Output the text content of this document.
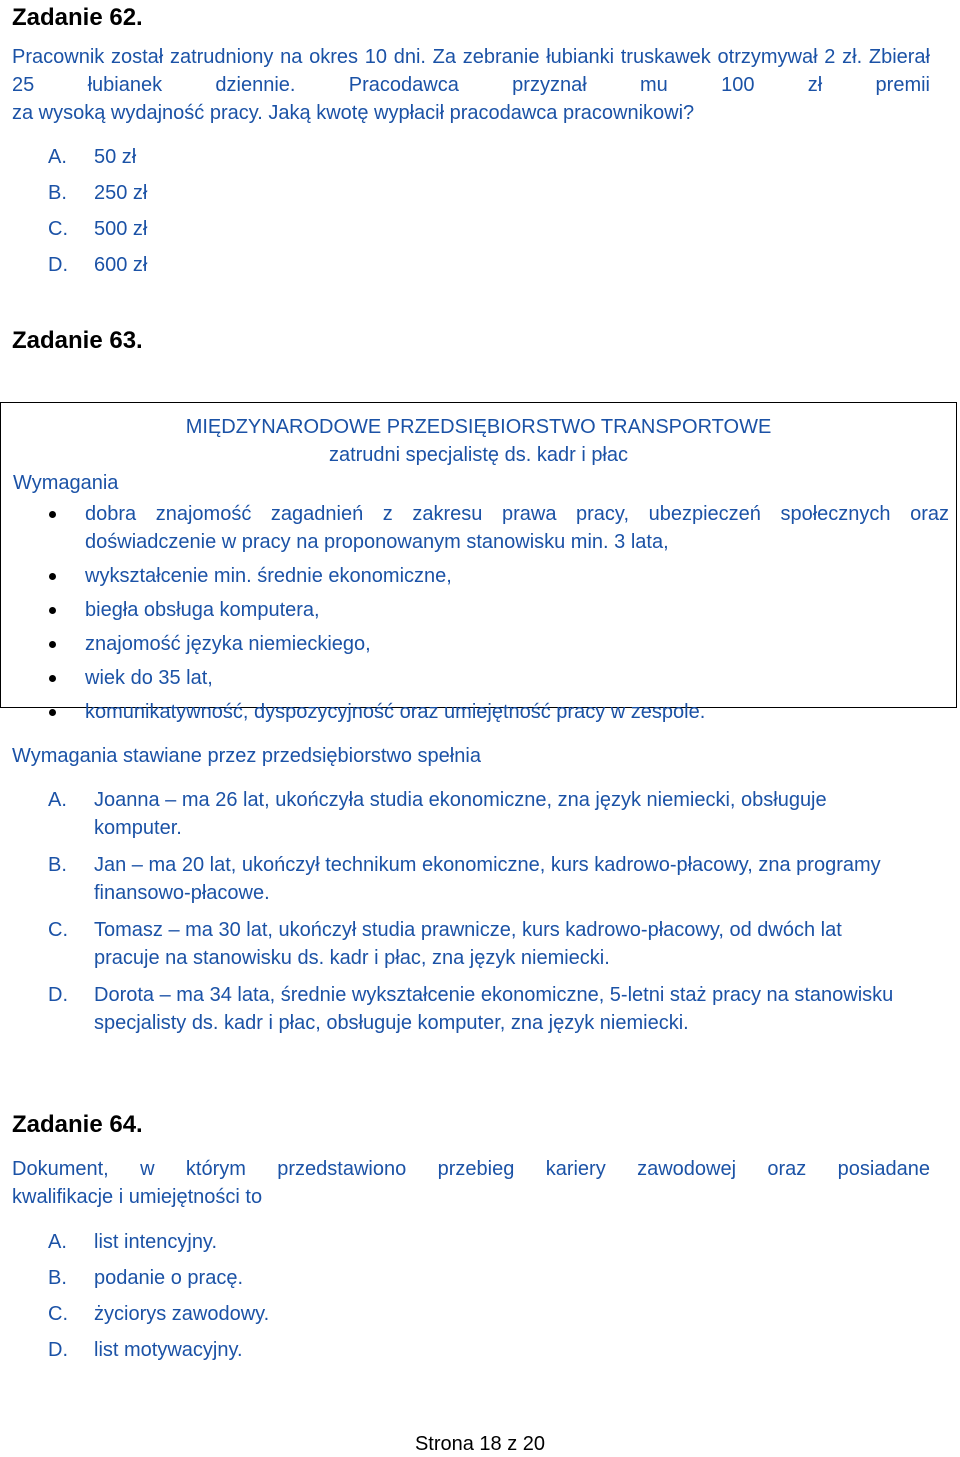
Zadanie 62.

Pracownik został zatrudniony na okres 10 dni. Za zebranie łubianki truskawek otrzymywał 2 zł. Zbierał 25 łubianek dziennie. Pracodawca przyznał mu 100 zł premii
za wysoką wydajność pracy. Jaką kwotę wypłacił pracodawca pracownikowi?

A.	50 zł
B.	250 zł
C.	500 zł
D.	600 zł
Zadanie 63.
MIĘDZYNARODOWE PRZEDSIĘBIORSTWO TRANSPORTOWE
zatrudni specjalistę ds. kadr i płac
Wymagania
dobra znajomość zagadnień z zakresu prawa pracy, ubezpieczeń społecznych oraz doświadczenie w pracy na proponowanym stanowisku min. 3 lata,
wykształcenie min. średnie ekonomiczne,
biegła obsługa komputera,
znajomość języka niemieckiego,
wiek do 35 lat,
komunikatywność, dyspozycyjność oraz umiejętność pracy w zespole.

Wymagania stawiane przez przedsiębiorstwo spełnia

A.	Joanna – ma 26 lat, ukończyła studia ekonomiczne, zna język niemiecki, obsługuje komputer.
B.	Jan – ma 20 lat, ukończył technikum ekonomiczne, kurs kadrowo-płacowy, zna programy finansowo-płacowe.
C.	Tomasz – ma 30 lat, ukończył studia prawnicze, kurs kadrowo-płacowy, od dwóch lat pracuje na stanowisku ds. kadr i płac, zna język niemiecki.
D.	Dorota – ma 34 lata, średnie wykształcenie ekonomiczne, 5-letni staż pracy na stanowisku specjalisty ds. kadr i płac, obsługuje komputer, zna język niemiecki.
Zadanie 64.

Dokument, w którym przedstawiono przebieg kariery zawodowej oraz posiadane
kwalifikacje i umiejętności to

A.	list intencyjny.
B.	podanie o pracę.
C.	życiorys zawodowy.
D.	list motywacyjny.
Strona 18 z 20
